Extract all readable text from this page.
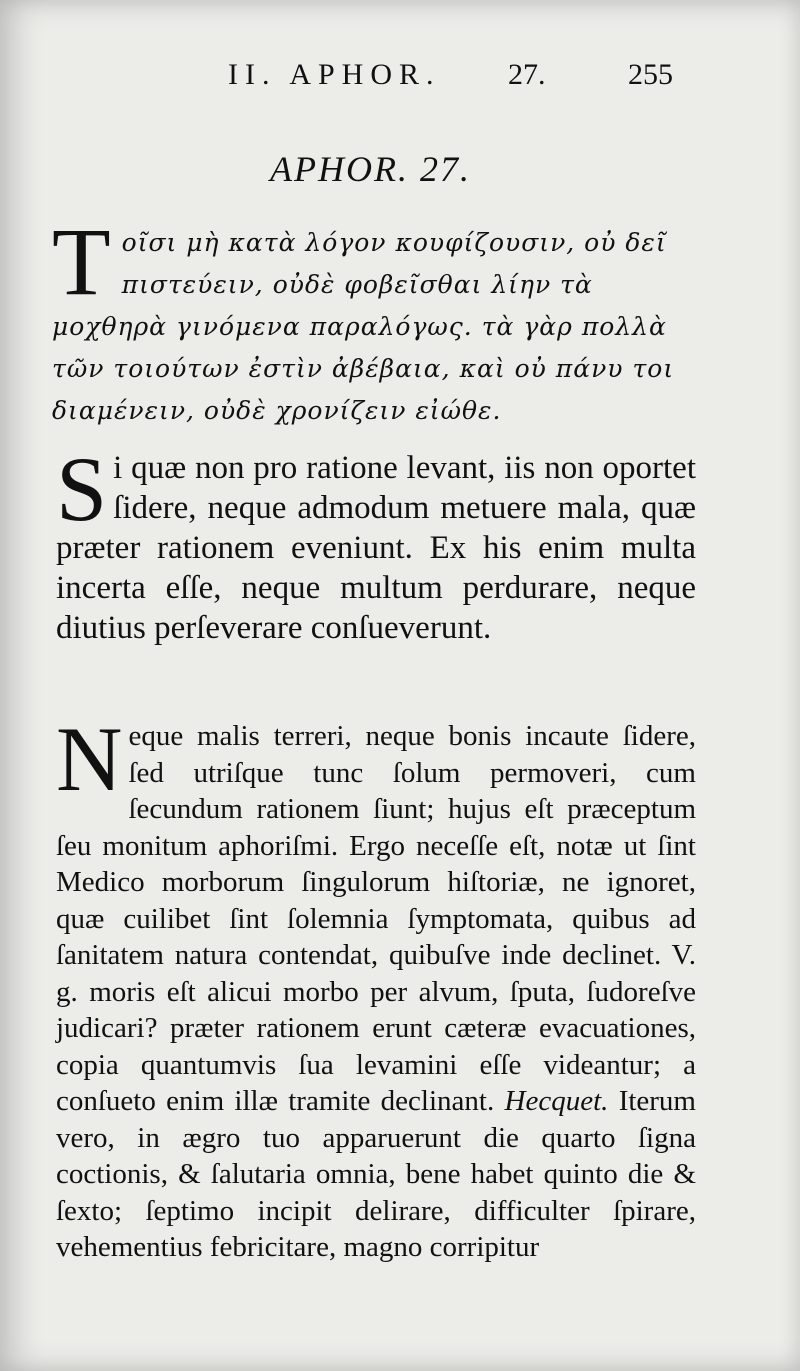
II. APHOR. 27.	255
APHOR. 27.
T οῖσι μὴ κατὰ λόγον κουφίζουσιν, οὐ δεῖ πιστεύειν, οὐδὲ φοβεῖσθαι λίην τὰ μοχθηρὰ γινόμενα παραλόγως. τὰ γὰρ πολλὰ τῶν τοιούτων ἐστὶν ἀβέβαια, καὶ οὐ πάνυ τοι διαμένειν, οὐδὲ χρονίζειν εἰώθε.
S i quæ non pro ratione levant, iis non oportet ſidere, neque admodum metuere mala, quæ præter rationem eveniunt. Ex his enim multa incerta eſſe, neque multum perdurare, neque diutius perſeverare conſueverunt.
N eque malis terreri, neque bonis incaute ſidere, ſed utriſque tunc ſolum permoveri, cum ſecundum rationem ſiunt; hujus eſt præceptum ſeu monitum aphoriſmi. Ergo neceſſe eſt, notæ ut ſint Medico morborum ſingulorum hiſtoriæ, ne ignoret, quæ cuilibet ſint ſolemnia ſymptomata, quibus ad ſanitatem natura contendat, quibuſve inde declinet. V. g. moris eſt alicui morbo per alvum, ſputa, ſudoreſve judicari? præter rationem erunt cæteræ evacuationes, copia quantumvis ſua levamini eſſe videantur; a conſueto enim illæ tramite declinant. Hecquet. Iterum vero, in ægro tuo apparuerunt die quarto ſigna coctionis, & ſalutaria omnia, bene habet quinto die & ſexto; ſeptimo incipit delirare, difficulter ſpirare, vehementius febricitare, magno corripitur
